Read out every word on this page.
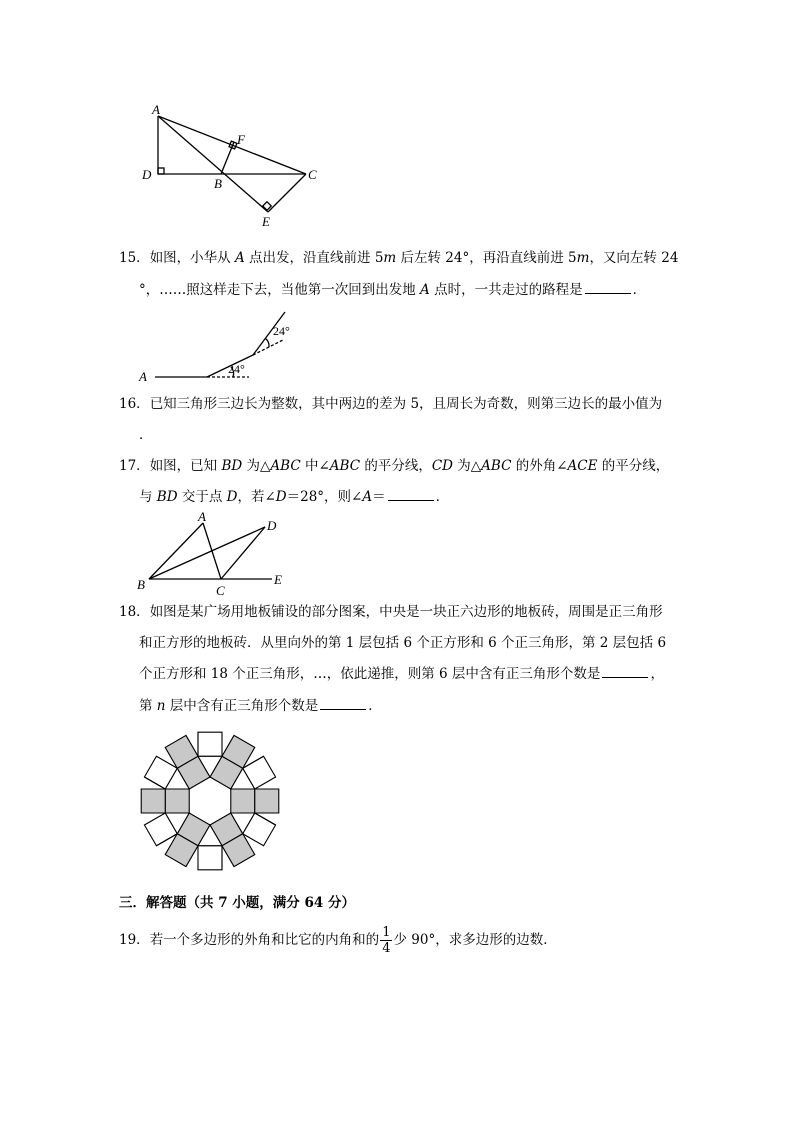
A
F
D
B
C
E
15．如图，小华从 A 点出发，沿直线前进 5m 后左转 24°，再沿直线前进 5m，又向左转 24
°，……照这样走下去，当他第一次回到出发地 A 点时，一共走过的路程是	．
A
24°
24°
16．已知三角形三边长为整数，其中两边的差为 5，且周长为奇数，则第三边长的最小值为
．
17．如图，已知 BD 为△ABC 中∠ABC 的平分线，CD 为△ABC 的外角∠ACE 的平分线，
与 BD 交于点 D，若∠D＝28°，则∠A＝	．
A
D
B	C
E
18．如图是某广场用地板铺设的部分图案，中央是一块正六边形的地板砖，周围是正三角形
和正方形的地板砖．从里向外的第 1 层包括 6 个正方形和 6 个正三角形，第 2 层包括 6
个正方形和 18 个正三角形，…，依此递推，则第 6 层中含有正三角形个数是	，
第 n 层中含有正三角形个数是	．
三．解答题（共 7 小题，满分 64 分）
19．若一个多边形的外角和比它的内角和的 $\frac{1}{4}$ 少 90°，求多边形的边数．
